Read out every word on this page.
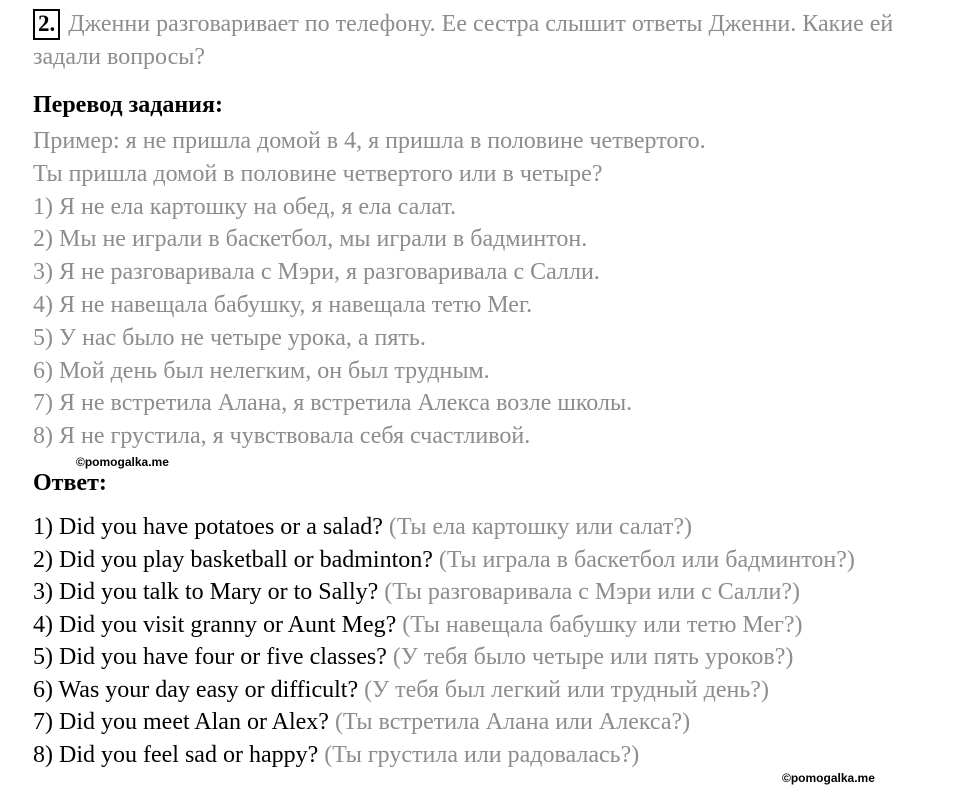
2. Дженни разговаривает по телефону. Ее сестра слышит ответы Дженни. Какие ей задали вопросы?
Перевод задания:
Пример: я не пришла домой в 4, я пришла в половине четвертого.
Ты пришла домой в половине четвертого или в четыре?
1) Я не ела картошку на обед, я ела салат.
2) Мы не играли в баскетбол, мы играли в бадминтон.
3) Я не разговаривала с Мэри, я разговаривала с Салли.
4) Я не навещала бабушку, я навещала тетю Мег.
5) У нас было не четыре урока, а пять.
6) Мой день был нелегким, он был трудным.
7) Я не встретила Алана, я встретила Алекса возле школы.
8) Я не грустила, я чувствовала себя счастливой.
©pomogalka.me
Ответ:
1) Did you have potatoes or a salad? (Ты ела картошку или салат?)
2) Did you play basketball or badminton? (Ты играла в баскетбол или бадминтон?)
3) Did you talk to Mary or to Sally? (Ты разговаривала с Мэри или с Салли?)
4) Did you visit granny or Aunt Meg? (Ты навещала бабушку или тетю Мег?)
5) Did you have four or five classes? (У тебя было четыре или пять уроков?)
6) Was your day easy or difficult? (У тебя был легкий или трудный день?)
7) Did you meet Alan or Alex? (Ты встретила Алана или Алекса?)
8) Did you feel sad or happy? (Ты грустила или радовалась?)
©pomogalka.me
